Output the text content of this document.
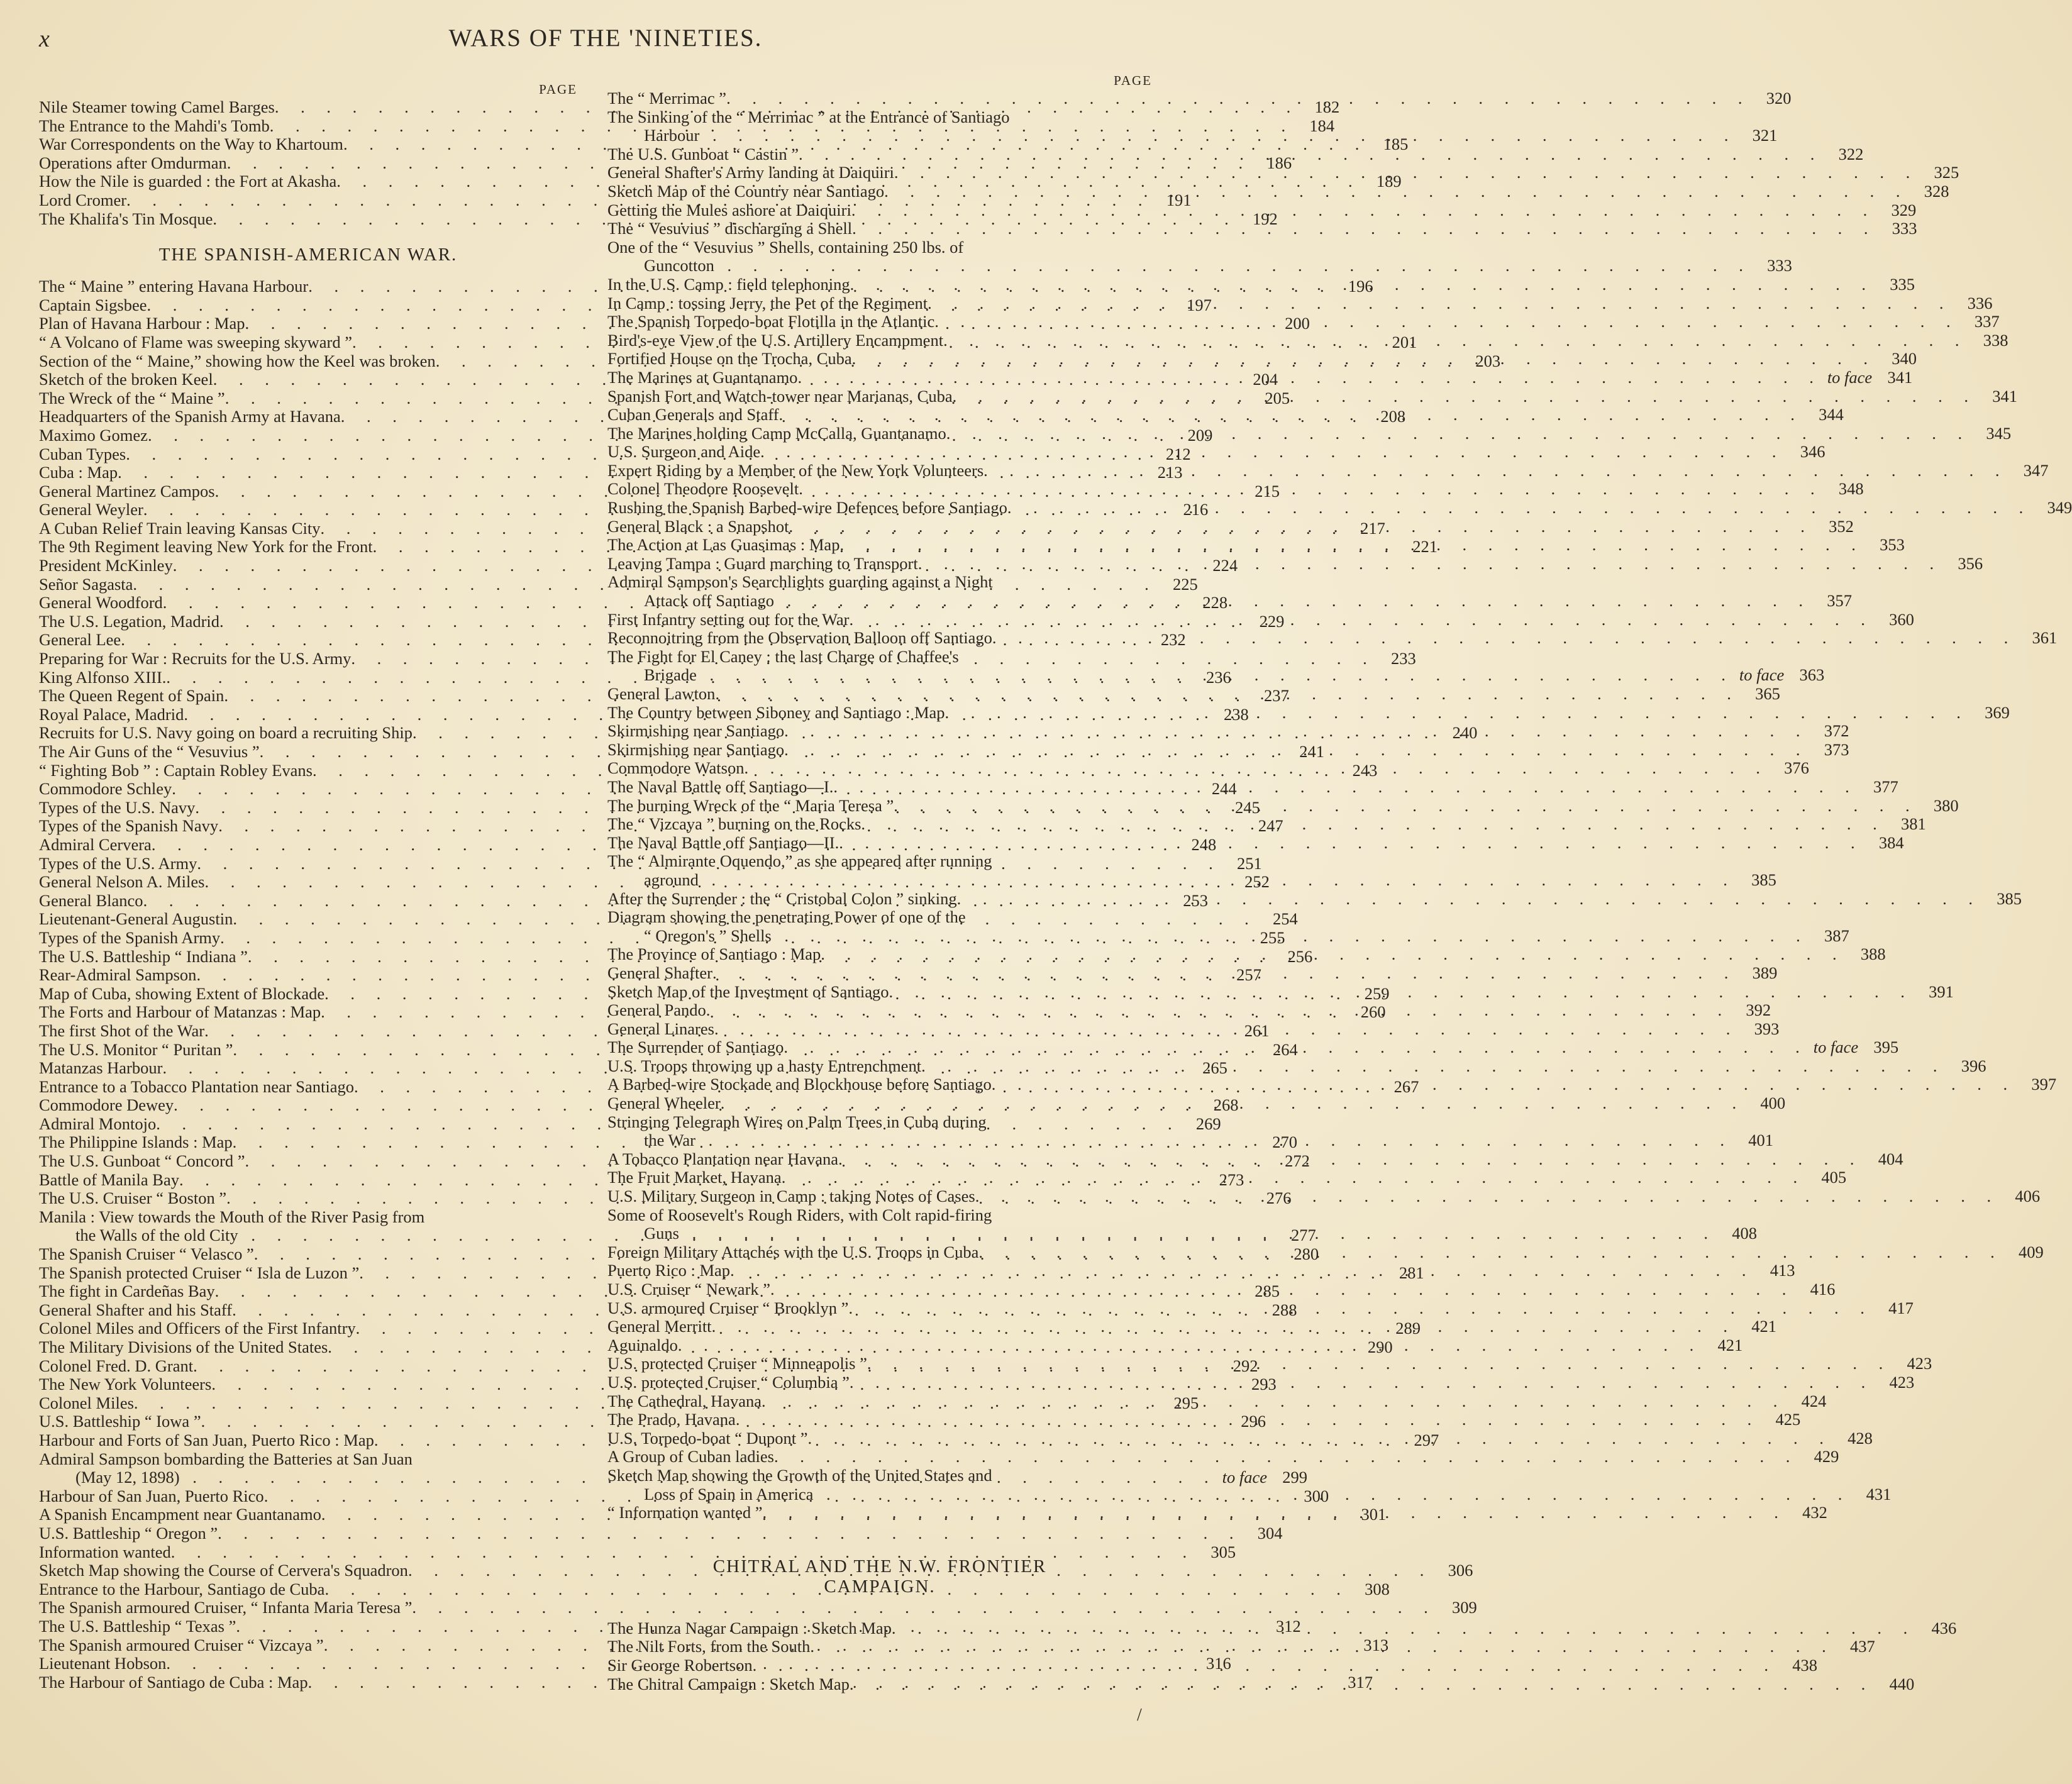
x	WARS OF THE 'NINETIES.
PAGE
Nile Steamer towing Camel Barges . . .	182
The Entrance to the Mahdi's Tomb . . .	184
War Correspondents on the Way to Khartoum . . .	185
Operations after Omdurman . . .	186
How the Nile is guarded : the Fort at Akasha . . .	189
Lord Cromer . . .	191
The Khalifa's Tin Mosque . . .	192
THE SPANISH-AMERICAN WAR.
The “ Maine ” entering Havana Harbour . . .	196
Captain Sigsbee . . .	197
Plan of Havana Harbour : Map . . .	200
“ A Volcano of Flame was sweeping skyward ” . . .	201
Section of the “ Maine,” showing how the Keel was broken . . .	203
Sketch of the broken Keel . . .	204
The Wreck of the “ Maine ” . . .	205
Headquarters of the Spanish Army at Havana . . .	208
Maximo Gomez . . .	209
Cuban Types . . .	212
Cuba : Map . . .	213
General Martinez Campos . . .	215
General Weyler . . .	216
A Cuban Relief Train leaving Kansas City . . .	217
The 9th Regiment leaving New York for the Front . . .	221
President McKinley . . .	224
Señor Sagasta . . .	225
General Woodford . . .	228
The U.S. Legation, Madrid . . .	229
General Lee . . .	232
Preparing for War : Recruits for the U.S. Army . . .	233
King Alfonso XIII. . . .	236
The Queen Regent of Spain . . .	237
Royal Palace, Madrid . . .	238
Recruits for U.S. Navy going on board a recruiting Ship . . .	240
The Air Guns of the “ Vesuvius ” . . .	241
“ Fighting Bob ” : Captain Robley Evans . . .	243
Commodore Schley . . .	244
Types of the U.S. Navy . . .	245
Types of the Spanish Navy . . .	247
Admiral Cervera . . .	248
Types of the U.S. Army . . .	251
General Nelson A. Miles . . .	252
General Blanco . . .	253
Lieutenant-General Augustin . . .	254
Types of the Spanish Army . . .	255
The U.S. Battleship “ Indiana ” . . .	256
Rear-Admiral Sampson . . .	257
Map of Cuba, showing Extent of Blockade . . .	259
The Forts and Harbour of Matanzas : Map . . .	260
The first Shot of the War . . .	261
The U.S. Monitor “ Puritan ” . . .	264
Matanzas Harbour . . .	265
Entrance to a Tobacco Plantation near Santiago . . .	267
Commodore Dewey . . .	268
Admiral Montojo . . .	269
The Philippine Islands : Map . . .	270
The U.S. Gunboat “ Concord ” . . .	272
Battle of Manila Bay . . .	273
The U.S. Cruiser “ Boston ” . . .	276
Manila : View towards the Mouth of the River Pasig from
the Walls of the old City . . .	277
The Spanish Cruiser “ Velasco ” . . .	280
The Spanish protected Cruiser “ Isla de Luzon ” . . .	281
The fight in Cardeñas Bay . . .	285
General Shafter and his Staff . . .	288
Colonel Miles and Officers of the First Infantry . . .	289
The Military Divisions of the United States . . .	290
Colonel Fred. D. Grant . . .	292
The New York Volunteers . . .	293
Colonel Miles . . .	295
U.S. Battleship “ Iowa ” . . .	296
Harbour and Forts of San Juan, Puerto Rico : Map . . .	297
Admiral Sampson bombarding the Batteries at San Juan
(May 12, 1898) . . .	to face 299
Harbour of San Juan, Puerto Rico . . .	300
A Spanish Encampment near Guantanamo . . .	301
U.S. Battleship “ Oregon ” . . .	304
Information wanted . . .	305
Sketch Map showing the Course of Cervera's Squadron . . .	306
Entrance to the Harbour, Santiago de Cuba . . .	308
The Spanish armoured Cruiser, “ Infanta Maria Teresa ” . . .	309
The U.S. Battleship “ Texas ” . . .	312
The Spanish armoured Cruiser “ Vizcaya ” . . .	313
Lieutenant Hobson . . .	316
The Harbour of Santiago de Cuba : Map . . .	317
PAGE
The “ Merrimac ” . . .	320
The Sinking of the “ Merrimac ” at the Entrance of Santiago
Harbour . . .	321
The U.S. Gunboat “ Castin ” . . .	322
General Shafter's Army landing at Daiquiri . . .	325
Sketch Map of the Country near Santiago . . .	328
Getting the Mules ashore at Daiquiri . . .	329
The “ Vesuvius ” discharging a Shell . . .	333
One of the “ Vesuvius ” Shells, containing 250 lbs. of
Guncotton . . .	333
In the U.S. Camp : field telephoning . . .	335
In Camp : tossing Jerry, the Pet of the Regiment . . .	336
The Spanish Torpedo-boat Flotilla in the Atlantic . . .	337
Bird's-eye View of the U.S. Artillery Encampment . . .	338
Fortified House on the Trocha, Cuba . . .	340
The Marines at Guantanamo . . .	to face 341
Spanish Fort and Watch-tower near Marianas, Cuba . . .	341
Cuban Generals and Staff . . .	344
The Marines holding Camp McCalla, Guantanamo . . .	345
U.S. Surgeon and Aide . . .	346
Expert Riding by a Member of the New York Volunteers . . .	347
Colonel Theodore Roosevelt . . .	348
Rushing the Spanish Barbed-wire Defences before Santiago . . .	349
General Black : a Snapshot . . .	352
The Action at Las Guasimas : Map . . .	353
Leaving Tampa : Guard marching to Transport . . .	356
Admiral Sampson's Searchlights guarding against a Night
Attack off Santiago . . .	357
First Infantry setting out for the War . . .	360
Reconnoitring from the Observation Balloon off Santiago . . .	361
The Fight for El Caney : the last Charge of Chaffee's
Brigade . . .	to face 363
General Lawton . . .	365
The Country between Siboney and Santiago : Map . . .	369
Skirmishing near Santiago . . .	372
Skirmishing near Santiago . . .	373
Commodore Watson . . .	376
The Naval Battle off Santiago—I. . . .	377
The burning Wreck of the “ Maria Teresa ” . . .	380
The “ Vizcaya ” burning on the Rocks . . .	381
The Naval Battle off Santiago—II. . . .	384
The “ Almirante Oquendo,” as she appeared after running
aground . . .	385
After the Surrender : the “ Cristobal Colon ” sinking . . .	385
Diagram showing the penetrating Power of one of the
“ Oregon's ” Shells . . .	387
The Province of Santiago : Map . . .	388
General Shafter . . .	389
Sketch Map of the Investment of Santiago . . .	391
General Pando . . .	392
General Linares . . .	393
The Surrender of Santiago . . .	to face 395
U.S. Troops throwing up a hasty Entrenchment . . .	396
A Barbed-wire Stockade and Blockhouse before Santiago . . .	397
General Wheeler . . .	400
Stringing Telegraph Wires on Palm Trees in Cuba during
the War . . .	401
A Tobacco Plantation near Havana . . .	404
The Fruit Market, Havana . . .	405
U.S. Military Surgeon in Camp : taking Notes of Cases . . .	406
Some of Roosevelt's Rough Riders, with Colt rapid-firing
Guns . . .	408
Foreign Military Attachés with the U.S. Troops in Cuba . . .	409
Puerto Rico : Map . . .	413
U.S. Cruiser “ Newark ” . . .	416
U.S. armoured Cruiser “ Brooklyn ” . . .	417
General Merritt . . .	421
Aguinaldo . . .	421
U.S. protected Cruiser “ Minneapolis ” . . .	423
U.S. protected Cruiser “ Columbia ” . . .	423
The Cathedral, Havana . . .	424
The Prado, Havana . . .	425
U.S. Torpedo-boat “ Dupont ” . . .	428
A Group of Cuban ladies . . .	429
Sketch Map showing the Growth of the United States and
Loss of Spain in America . . .	431
“ Information wanted ” . . .	432
CHITRAL AND THE N.W. FRONTIER
CAMPAIGN.
The Hunza Nagar Campaign : Sketch Map . . .	436
The Nilt Forts, from the South . . .	437
Sir George Robertson . . .	438
The Chitral Campaign : Sketch Map . . .	440
/
